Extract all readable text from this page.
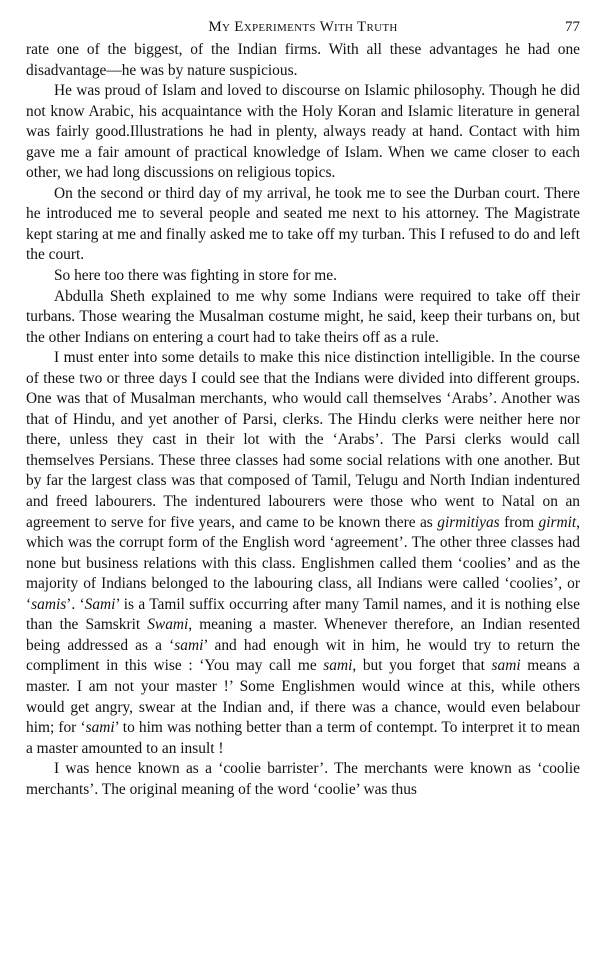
My Experiments With Truth	77

rate one of the biggest, of the Indian firms. With all these advantages he had one disadvantage—he was by nature suspicious.

He was proud of Islam and loved to discourse on Islamic philosophy. Though he did not know Arabic, his acquaintance with the Holy Koran and Islamic literature in general was fairly good.Illustrations he had in plenty, always ready at hand. Contact with him gave me a fair amount of practical knowledge of Islam. When we came closer to each other, we had long discussions on religious topics.

On the second or third day of my arrival, he took me to see the Durban court. There he introduced me to several people and seated me next to his attorney. The Magistrate kept staring at me and finally asked me to take off my turban. This I refused to do and left the court.

So here too there was fighting in store for me.

Abdulla Sheth explained to me why some Indians were required to take off their turbans. Those wearing the Musalman costume might, he said, keep their turbans on, but the other Indians on entering a court had to take theirs off as a rule.

I must enter into some details to make this nice distinction intelligible. In the course of these two or three days I could see that the Indians were divided into different groups. One was that of Musalman merchants, who would call themselves ‘Arabs’. Another was that of Hindu, and yet another of Parsi, clerks. The Hindu clerks were neither here nor there, unless they cast in their lot with the ‘Arabs’. The Parsi clerks would call themselves Persians. These three classes had some social relations with one another. But by far the largest class was that composed of Tamil, Telugu and North Indian indentured and freed labourers. The indentured labourers were those who went to Natal on an agreement to serve for five years, and came to be known there as girmitiyas from girmit, which was the corrupt form of the English word ‘agreement’. The other three classes had none but business relations with this class. Englishmen called them ‘coolies’ and as the majority of Indians belonged to the labouring class, all Indians were called ‘coolies’, or ‘samis’. ‘Sami’ is a Tamil suffix occurring after many Tamil names, and it is nothing else than the Samskrit Swami, meaning a master. Whenever therefore, an Indian resented being addressed as a ‘sami’ and had enough wit in him, he would try to return the compliment in this wise : ‘You may call me sami, but you forget that sami means a master. I am not your master !’ Some Englishmen would wince at this, while others would get angry, swear at the Indian and, if there was a chance, would even belabour him; for ‘sami’ to him was nothing better than a term of contempt. To interpret it to mean a master amounted to an insult !

I was hence known as a ‘coolie barrister’. The merchants were known as ‘coolie merchants’. The original meaning of the word ‘coolie’ was thus
